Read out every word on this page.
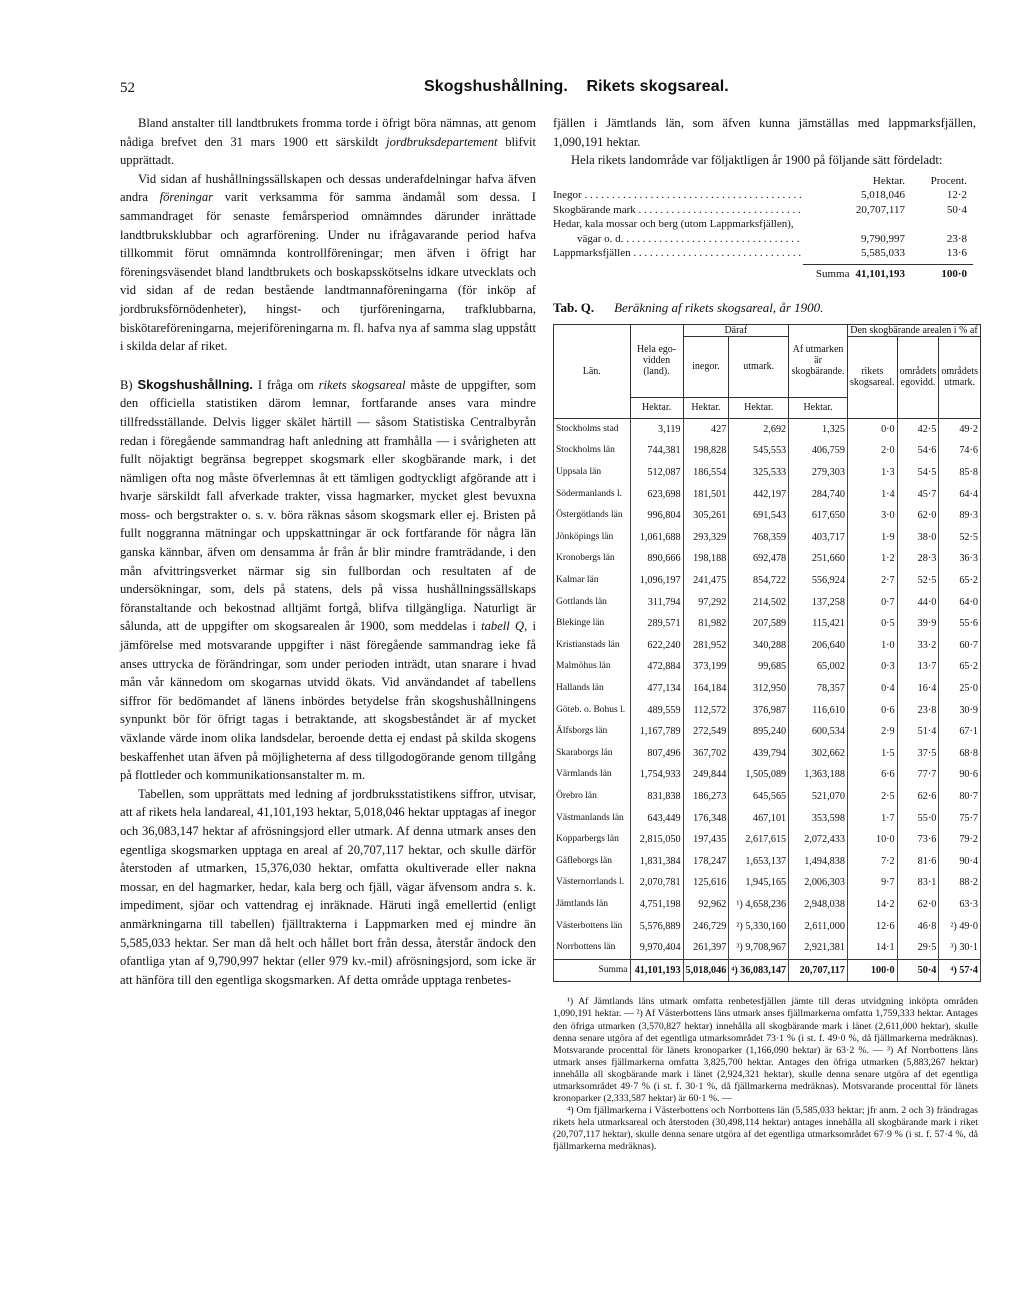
52	Skogshushållning. Rikets skogsareal.

Bland anstalter till landtbrukets fromma torde i öfrigt böra nämnas, att genom nådiga brefvet den 31 mars 1900 ett särskildt jordbruksdepartement blifvit upprättadt.

Vid sidan af hushållningssällskapen och dessas underafdelningar hafva äfven andra föreningar varit verksamma för samma ändamål som dessa. I sammandraget för senaste femårsperiod omnämndes därunder inrättade landtbruksklubbar och agrarförening. Under nu ifrågavarande period hafva tillkommit förut omnämnda kontrollföreningar; men äfven i öfrigt har föreningsväsendet bland landtbrukets och boskapsskötselns idkare utvecklats och vid sidan af de redan bestående landtmannaföreningarna (för inköp af jordbruksförnödenheter), hingst- och tjurföreningarna, trafklubbarna, biskötareföreningarna, mejeriföreningarna m. fl. hafva nya af samma slag uppstått i skilda delar af riket.

B) Skogshushållning. I fråga om rikets skogsareal måste de uppgifter, som den officiella statistiken därom lemnar, fortfarande anses vara mindre tillfredsställande. Delvis ligger skälet härtill — såsom Statistiska Centralbyrån redan i föregående sammandrag haft anledning att framhålla — i svårigheten att fullt nöjaktigt begränsa begreppet skogsmark eller skogbärande mark, i det nämligen ofta nog måste öfverlemnas åt ett tämligen godtyckligt afgörande att i hvarje särskildt fall afverkade trakter, vissa hagmarker, mycket glest bevuxna moss- och bergstrakter o. s. v. böra räknas såsom skogsmark eller ej. Bristen på fullt noggranna mätningar och uppskattningar är ock fortfarande för några län ganska kännbar, äfven om densamma år från år blir mindre framträdande, i den mån afvittringsverket närmar sig sin fullbordan och resultaten af de undersökningar, som, dels på statens, dels på vissa hushållningssällskaps föranstaltande och bekostnad alltjämt fortgå, blifva tillgängliga. Naturligt är sålunda, att de uppgifter om skogsarealen år 1900, som meddelas i tabell Q, i jämförelse med motsvarande uppgifter i näst föregående sammandrag ieke få anses uttrycka de förändringar, som under perioden inträdt, utan snarare i hvad mån vår kännedom om skogarnas utvidd ökats. Vid användandet af tabellens siffror för bedömandet af länens inbördes betydelse från skogshushållningens synpunkt bör för öfrigt tagas i betraktande, att skogsbeståndet är af mycket växlande värde inom olika landsdelar, beroende detta ej endast på skilda skogens beskaffenhet utan äfven på möjligheterna af dess tillgodogörande genom tillgång på flottleder och kommunikationsanstalter m. m.

Tabellen, som upprättats med ledning af jordbruksstatistikens siffror, utvisar, att af rikets hela landareal, 41,101,193 hektar, 5,018,046 hektar upptagas af inegor och 36,083,147 hektar af afrösningsjord eller utmark. Af denna utmark anses den egentliga skogsmarken upptaga en areal af 20,707,117 hektar, och skulle därför återstoden af utmarken, 15,376,030 hektar, omfatta okultiverade eller nakna mossar, en del hagmarker, hedar, kala berg och fjäll, vägar äfvensom andra s. k. impediment, sjöar och vattendrag ej inräknade. Häruti ingå emellertid (enligt anmärkningarna till tabellen) fjälltrakterna i Lappmarken med ej mindre än 5,585,033 hektar. Ser man då helt och hållet bort från dessa, återstår ändock den ofantliga ytan af 9,790,997 hektar (eller 979 kv.-mil) afrösningsjord, som icke är att hänföra till den egentliga skogsmarken. Af detta område upptaga renbetes-

fjällen i Jämtlands län, som äfven kunna jämställas med lappmarksfjällen, 1,090,191 hektar.

Hela rikets landområde var följaktligen år 1900 på följande sätt fördeladt:

Hektar.	Procent.
Inegor . . .	5,018,046	12·2
Skogbärande mark . . .	20,707,117	50·4
Hedar, kala mossar och berg (utom Lappmarksfjällen),
vägar o. d. . . .	9,790,997	23·8
Lappmarksfjällen . . .	5,585,033	13·6
Summa 41,101,193	100·0
Tab. Q. Beräkning af rikets skogsareal, år 1900.
Län.	Hela ego-vidden (land).	Däraf		Af utmarken är skogbärande.	Den skogbärande arealen i % af		
		inegor.	utmark.		rikets skogsareal.	områdets egovidd.	områdets utmark.
	Hektar.	Hektar.	Hektar.	Hektar.			
Stockholms stad	3,119	427	2,692	1,325	0·0	42·5	49·2
Stockholms län	744,381	198,828	545,553	406,759	2·0	54·6	74·6
Uppsala län	512,087	186,554	325,533	279,303	1·3	54·5	85·8
Södermanlands l.	623,698	181,501	442,197	284,740	1·4	45·7	64·4
Östergötlands län	996,804	305,261	691,543	617,650	3·0	62·0	89·3
Jönköpings län	1,061,688	293,329	768,359	403,717	1·9	38·0	52·5
Kronobergs län	890,666	198,188	692,478	251,660	1·2	28·3	36·3
Kalmar län	1,096,197	241,475	854,722	556,924	2·7	52·5	65·2
Gottlands län	311,794	97,292	214,502	137,258	0·7	44·0	64·0
Blekinge län	289,571	81,982	207,589	115,421	0·5	39·9	55·6
Kristianstads län	622,240	281,952	340,288	206,640	1·0	33·2	60·7
Malmöhus län	472,884	373,199	99,685	65,002	0·3	13·7	65·2
Hallands län	477,134	164,184	312,950	78,357	0·4	16·4	25·0
Göteb. o. Bohus l.	489,559	112,572	376,987	116,610	0·6	23·8	30·9
Älfsborgs län	1,167,789	272,549	895,240	600,534	2·9	51·4	67·1
Skaraborgs län	807,496	367,702	439,794	302,662	1·5	37·5	68·8
Värmlands län	1,754,933	249,844	1,505,089	1,363,188	6·6	77·7	90·6
Örebro län	831,838	186,273	645,565	521,070	2·5	62·6	80·7
Västmanlands län	643,449	176,348	467,101	353,598	1·7	55·0	75·7
Kopparbergs län	2,815,050	197,435	2,617,615	2,072,433	10·0	73·6	79·2
Gäfleborgs län	1,831,384	178,247	1,653,137	1,494,838	7·2	81·6	90·4
Västernorrlands l.	2,070,781	125,616	1,945,165	2,006,303	9·7	83·1	88·2
Jämtlands län	4,751,198	92,962	¹) 4,658,236	2,948,038	14·2	62·0	63·3
Västerbottens län	5,576,889	246,729	²) 5,330,160	2,611,000	12·6	46·8	²) 49·0
Norrbottens län	9,970,404	261,397	³) 9,708,967	2,921,381	14·1	29·5	³) 30·1
Summa	41,101,193	5,018,046	⁴) 36,083,147	20,707,117	100·0	50·4	⁴) 57·4

¹) Af Jämtlands läns utmark omfatta renbetesfjällen jämte till deras utvidgning inköpta områden 1,090,191 hektar. — ²) Af Västerbottens läns utmark anses fjällmarkerna omfatta 1,759,333 hektar. Antages den öfriga utmarken (3,570,827 hektar) innehålla all skogbärande mark i länet (2,611,000 hektar), skulle denna senare utgöra af det egentliga utmarksområdet 73·1 % (i st. f. 49·0 %, då fjällmarkerna medräknas). Motsvarande procenttal för länets kronoparker (1,166,090 hektar) är 63·2 %. — ³) Af Norrbottens läns utmark anses fjällmarkerna omfatta 3,825,700 hektar. Antages den öfriga utmarken (5,883,267 hektar) innehålla all skogbärande mark i länet (2,924,321 hektar), skulle denna senare utgöra af det egentliga utmarksområdet 49·7 % (i st. f. 30·1 %, då fjällmarkerna medräknas). Motsvarande procenttal för länets kronoparker (2,333,587 hektar) är 60·1 %. —

⁴) Om fjällmarkerna i Västerbottens och Norrbottens län (5,585,033 hektar; jfr anm. 2 och 3) frändragas rikets hela utmarksareal och återstoden (30,498,114 hektar) antages innehålla all skogbärande mark i riket (20,707,117 hektar), skulle denna senare utgöra af det egentliga utmarksområdet 67·9 % (i st. f. 57·4 %, då fjällmarkerna medräknas).
